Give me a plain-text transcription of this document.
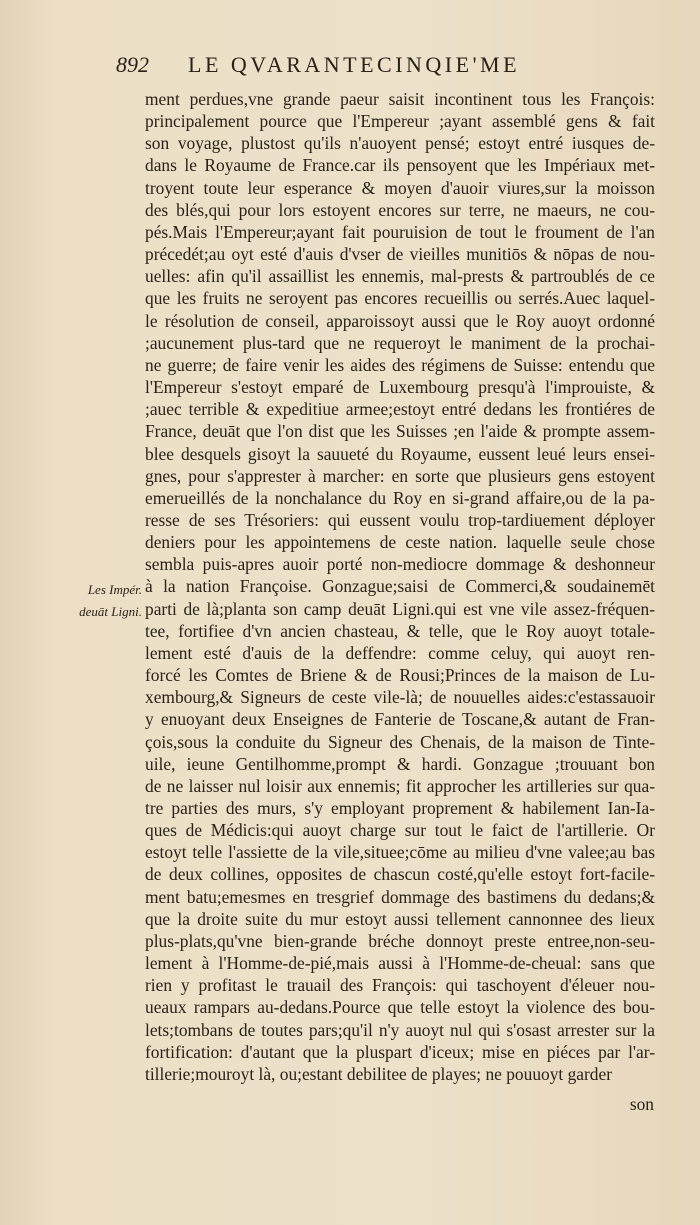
892 LE QVARANTECINQIE'ME
Les Impér.
deuāt Ligni.
ment perdues,vne grande paeur saisit incontinent tous les François:
principalement pource que l'Empereur ;ayant assemblé gens & fait
son voyage, plustost qu'ils n'auoyent pensé; estoyt entré iusques de-
dans le Royaume de France.car ils pensoyent que les Impériaux met-
troyent toute leur esperance & moyen d'auoir viures,sur la moisson
des blés,qui pour lors estoyent encores sur terre, ne maeurs, ne cou-
pés.Mais l'Empereur;ayant fait pouruision de tout le froument de l'an
précedét;au oyt esté d'auis d'vser de vieilles munitiōs & nōpas de nou-
uelles: afin qu'il assaillist les ennemis, mal-prests & partroublés de ce
que les fruits ne seroyent pas encores recueillis ou serrés.Auec laquel-
le résolution de conseil, apparoissoyt aussi que le Roy auoyt ordonné
;aucunement plus-tard que ne requeroyt le maniment de la prochai-
ne guerre; de faire venir les aides des régimens de Suisse: entendu que
l'Empereur s'estoyt emparé de Luxembourg presqu'à l'improuiste, &
;auec terrible & expeditiue armee;estoyt entré dedans les frontiéres de
France, deuāt que l'on dist que les Suisses ;en l'aide & prompte assem-
blee desquels gisoyt la sauueté du Royaume, eussent leué leurs ensei-
gnes, pour s'apprester à marcher: en sorte que plusieurs gens estoyent
emerueillés de la nonchalance du Roy en si-grand affaire,ou de la pa-
resse de ses Trésoriers: qui eussent voulu trop-tardiuement déployer
deniers pour les appointemens de ceste nation. laquelle seule chose
sembla puis-apres auoir porté non-mediocre dommage & deshonneur
à la nation Françoise. Gonzague;saisi de Commerci,& soudainemēt
parti de là;planta son camp deuāt Ligni.qui est vne vile assez-fréquen-
tee, fortifiee d'vn ancien chasteau, & telle, que le Roy auoyt totale-
lement esté d'auis de la deffendre: comme celuy, qui auoyt ren-
forcé les Comtes de Briene & de Rousi;Princes de la maison de Lu-
xembourg,& Signeurs de ceste vile-là; de nouuelles aides:c'estassauoir
y enuoyant deux Enseignes de Fanterie de Toscane,& autant de Fran-
çois,sous la conduite du Signeur des Chenais, de la maison de Tinte-
uile, ieune Gentilhomme,prompt & hardi. Gonzague ;trouuant bon
de ne laisser nul loisir aux ennemis; fit approcher les artilleries sur qua-
tre parties des murs, s'y employant proprement & habilement Ian-Ia-
ques de Médicis:qui auoyt charge sur tout le faict de l'artillerie. Or
estoyt telle l'assiette de la vile,situee;cōme au milieu d'vne valee;au bas
de deux collines, opposites de chascun costé,qu'elle estoyt fort-facile-
ment batu;emesmes en tresgrief dommage des bastimens du dedans;&
que la droite suite du mur estoyt aussi tellement cannonnee des lieux
plus-plats,qu'vne bien-grande bréche donnoyt preste entree,non-seu-
lement à l'Homme-de-pié,mais aussi à l'Homme-de-cheual: sans que
rien y profitast le trauail des François: qui taschoyent d'éleuer nou-
ueaux rampars au-dedans.Pource que telle estoyt la violence des bou-
lets;tombans de toutes pars;qu'il n'y auoyt nul qui s'osast arrester sur la
fortification: d'autant que la pluspart d'iceux; mise en piéces par l'ar-
tillerie;mouroyt là, ou;estant debilitee de playes; ne pouuoyt garder
son
